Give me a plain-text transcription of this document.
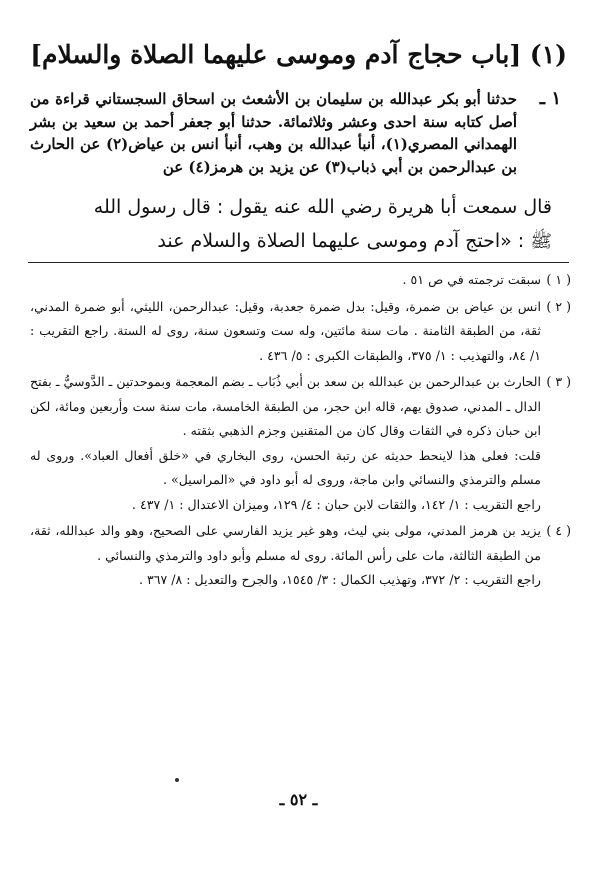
(١) [باب حجاج آدم وموسى عليهما الصلاة والسلام]
١ ـ
حدثنا أبو بكر عبدالله بن سليمان بن الأشعث بن اسحاق السجستاني قراءة من أصل كتابه سنة احدى وعشر وثلاثمائة. حدثنا أبو جعفر أحمد بن سعيد بن بشر الهمداني المصري(١)، أنبأ عبدالله بن وهب، أنبأ انس بن عياض(٢) عن الحارث بن عبدالرحمن بن أبي ذباب(٣) عن يزيد بن هرمز(٤) عن
قال سمعت أبا هريرة رضي الله عنه يقول : قال رسول الله
ﷺ : «احتج آدم وموسى عليهما الصلاة والسلام عند
( ١ )

سبقت ترجمته في ص ٥١ .

( ٢ )

انس بن عياض بن ضمرة، وقيل: بدل ضمرة جعدبة، وقيل: عبدالرحمن، الليثي، أبو ضمرة المدني، ثقة، من الطبقة الثامنة . مات سنة مائتين، وله ست وتسعون سنة، روى له الستة. راجع التقريب : ١/ ٨٤، والتهذيب : ١/ ٣٧٥، والطبقات الكبرى : ٥/ ٤٣٦ .

( ٣ )

الحارث بن عبدالرحمن بن عبدالله بن سعد بن أبي ذُبَاب ـ بضم المعجمة وبموحدتين ـ الدَّوسيُّ ـ بفتح الدال ـ المدني، صدوق يهم، قاله ابن حجر، من الطبقة الخامسة، مات سنة ست وأربعين ومائة، لكن ابن حبان ذكره في الثقات وقال كان من المتقنين وجزم الذهبي بثقته .

قلت: فعلى هذا لاينحط حديثه عن رتبة الحسن، روى البخاري في «خلق أفعال العباد». وروى له مسلم والترمذي والنسائي وابن ماجة، وروى له أبو داود في «المراسيل» .

راجع التقريب : ١/ ١٤٢، والثقات لابن حبان : ٤/ ١٢٩، وميزان الاعتدال : ١/ ٤٣٧ .

( ٤ )

يزيد بن هرمز المدني، مولى بني ليث، وهو غير يزيد الفارسي على الصحيح، وهو والد عبدالله، ثقة، من الطبقة الثالثة، مات على رأس المائة. روى له مسلم وأبو داود والترمذي والنسائي .

راجع التقريب : ٢/ ٣٧٢، وتهذيب الكمال : ٣/ ١٥٤٥، والجرح والتعديل : ٨/ ٣٦٧ .

ـ ٥٢ ـ
